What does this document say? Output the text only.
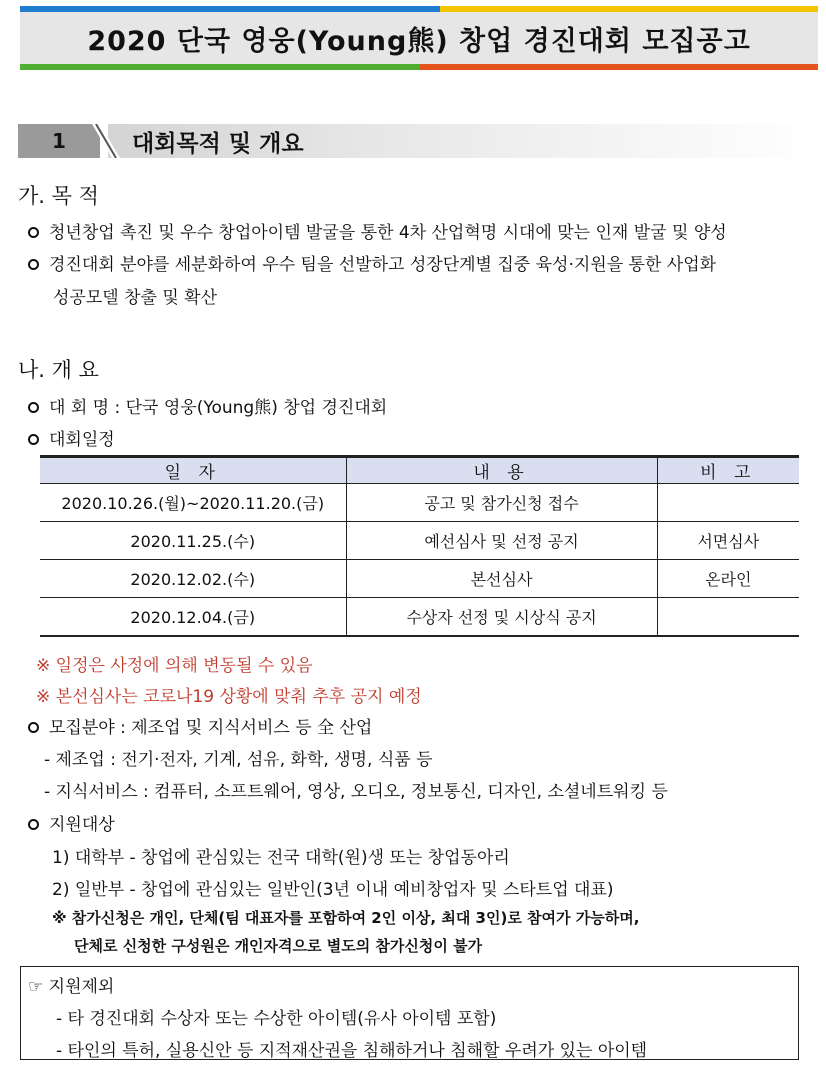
2020 단국 영웅(Young熊) 창업 경진대회 모집공고
대회목적 및 개요
1
가. 목 적
청년창업 촉진 및 우수 창업아이템 발굴을 통한 4차 산업혁명 시대에 맞는 인재 발굴 및 양성
경진대회 분야를 세분화하여 우수 팀을 선발하고 성장단계별 집중 육성·지원을 통한 사업화
성공모델 창출 및 확산
나. 개 요
대 회 명 : 단국 영웅(Young熊) 창업 경진대회
대회일정
일 자	내 용	비 고
2020.10.26.(월)~2020.11.20.(금)	공고 및 참가신청 접수	
2020.11.25.(수)	예선심사 및 선정 공지	서면심사
2020.12.02.(수)	본선심사	온라인
2020.12.04.(금)	수상자 선정 및 시상식 공지	
※ 일정은 사정에 의해 변동될 수 있음
※ 본선심사는 코로나19 상황에 맞춰 추후 공지 예정
모집분야 : 제조업 및 지식서비스 등 全 산업
- 제조업 : 전기·전자, 기계, 섬유, 화학, 생명, 식품 등
- 지식서비스 : 컴퓨터, 소프트웨어, 영상, 오디오, 정보통신, 디자인, 소셜네트워킹 등
지원대상
1) 대학부 - 창업에 관심있는 전국 대학(원)생 또는 창업동아리
2) 일반부 - 창업에 관심있는 일반인(3년 이내 예비창업자 및 스타트업 대표)
※ 참가신청은 개인, 단체(팀 대표자를 포함하여 2인 이상, 최대 3인)로 참여가 가능하며,
단체로 신청한 구성원은 개인자격으로 별도의 참가신청이 불가
☞ 지원제외
- 타 경진대회 수상자 또는 수상한 아이템(유사 아이템 포함)
- 타인의 특허, 실용신안 등 지적재산권을 침해하거나 침해할 우려가 있는 아이템
